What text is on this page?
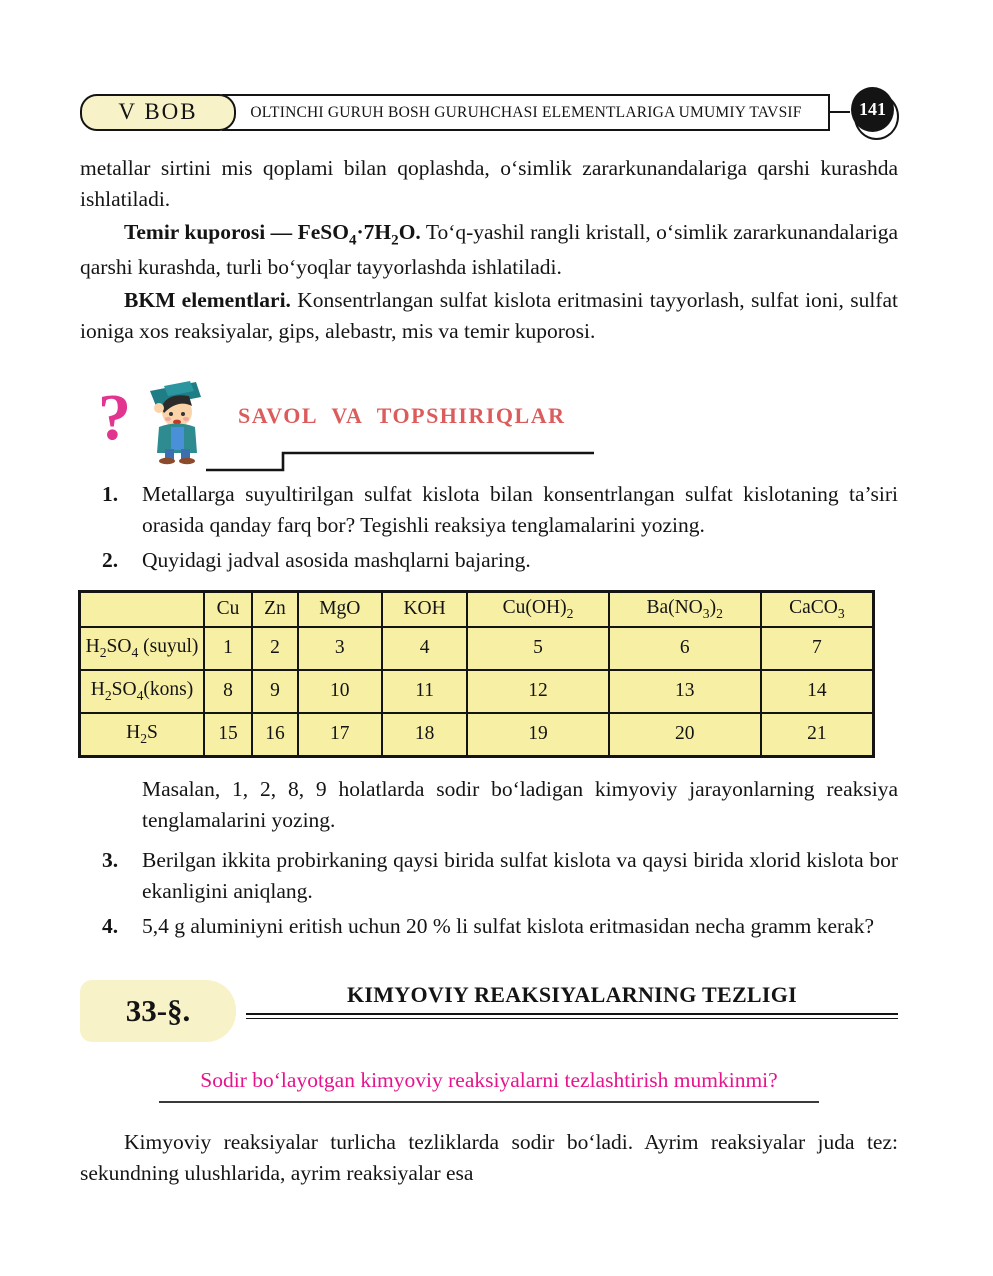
V BOB	OLTINCHI GURUH BOSH GURUHCHASI ELEMENTLARIGA UMUMIY TAVSIF	141

metallar sirtini mis qoplami bilan qoplashda, o‘simlik zararkunandalariga qarshi kurashda ishlatiladi.

Temir kuporosi — $FeSO_4\cdot 7H_2O$. To‘q-yashil rangli kristall, o‘simlik zararkunandalariga qarshi kurashda, turli bo‘yoqlar tayyorlashda ishlatiladi.

BKM elementlari. Konsentrlangan sulfat kislota eritmasini tayyorlash, sulfat ioni, sulfat ioniga xos reaksiyalar, gips, alebastr, mis va temir kuporosi.

?	SAVOL VA TOPSHIRIQLAR
1. Metallarga suyultirilgan sulfat kislota bilan konsentrlangan sulfat kislotaning ta’siri orasida qanday farq bor? Tegishli reaksiya tenglamalarini yozing.
2. Quyidagi jadval asosida mashqlarni bajaring.
	Cu	Zn	MgO	KOH	$Cu(OH)_2$	$Ba(NO_3)_2$	CaCO$_3$
$H_2SO_4$ (suyul)	1	2	3	4	5	6	7
$H_2SO_4(kons)$	8	9	10	11	12	13	14
$H_2S$	15	16	17	18	19	20	21
Masalan, 1, 2, 8, 9 holatlarda sodir bo‘ladigan kimyoviy jarayonlarning reaksiya tenglamalarini yozing.
3. Berilgan ikkita probirkaning qaysi birida sulfat kislota va qaysi birida xlorid kislota bor ekanligini aniqlang.
4. 5,4 g aluminiyni eritish uchun 20 % li sulfat kislota eritmasidan necha gramm kerak?
33-§.	KIMYOVIY REAKSIYALARNING TEZLIGI
Sodir bo‘layotgan kimyoviy reaksiyalarni tezlashtirish mumkinmi?

Kimyoviy reaksiyalar turlicha tezliklarda sodir bo‘ladi. Ayrim reaksiyalar juda tez: sekundning ulushlarida, ayrim reaksiyalar esa
